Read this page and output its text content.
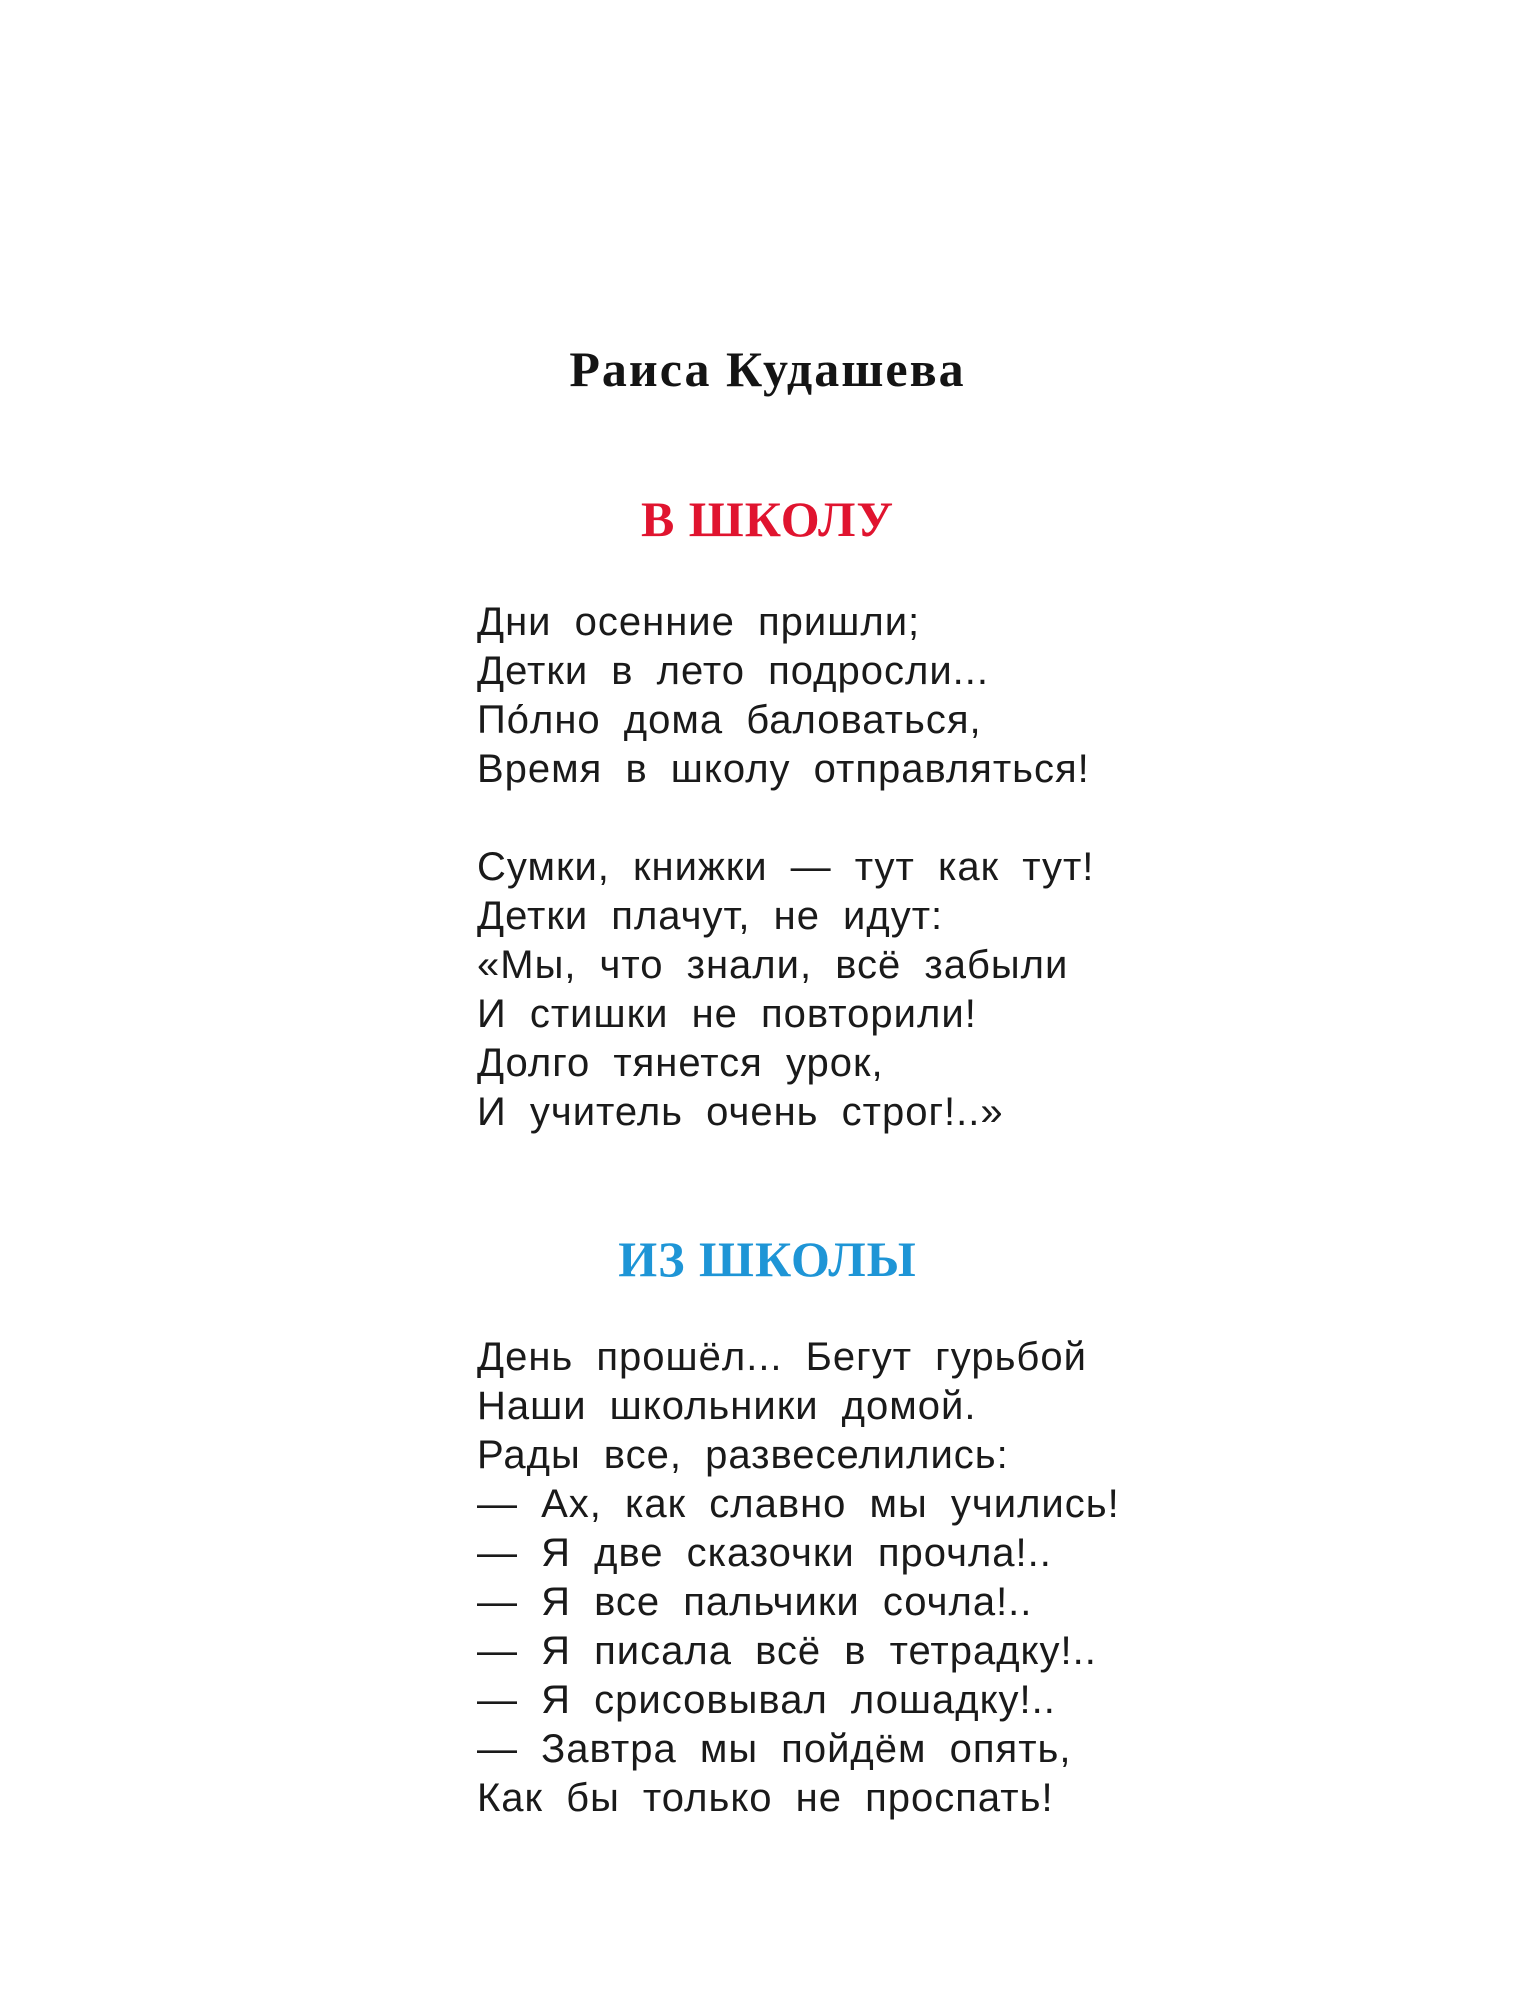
Раиса Кудашева
В ШКОЛУ
Дни осенние пришли;
Детки в лето подросли...
По́лно дома баловаться,
Время в школу отправляться!
Сумки, книжки — тут как тут!
Детки плачут, не идут:
«Мы, что знали, всё забыли
И стишки не повторили!
Долго тянется урок,
И учитель очень строг!..»
ИЗ ШКОЛЫ
День прошёл... Бегут гурьбой
Наши школьники домой.
Рады все, развеселились:
— Ах, как славно мы учились!
— Я две сказочки прочла!..
— Я все пальчики сочла!..
— Я писала всё в тетрадку!..
— Я срисовывал лошадку!..
— Завтра мы пойдём опять,
Как бы только не проспать!
